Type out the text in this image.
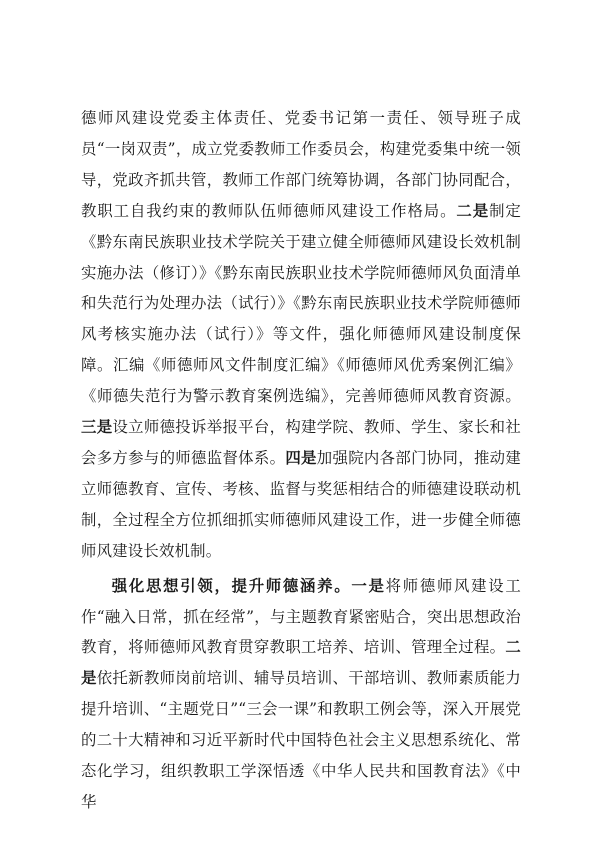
德师风建设党委主体责任、党委书记第一责任、领导班子成员“一岗双责”，成立党委教师工作委员会，构建党委集中统一领导，党政齐抓共管，教师工作部门统筹协调，各部门协同配合，教职工自我约束的教师队伍师德师风建设工作格局。二是制定《黔东南民族职业技术学院关于建立健全师德师风建设长效机制实施办法（修订）》《黔东南民族职业技术学院师德师风负面清单和失范行为处理办法（试行）》《黔东南民族职业技术学院师德师风考核实施办法（试行）》等文件，强化师德师风建设制度保障。汇编《师德师风文件制度汇编》《师德师风优秀案例汇编》《师德失范行为警示教育案例选编》，完善师德师风教育资源。三是设立师德投诉举报平台，构建学院、教师、学生、家长和社会多方参与的师德监督体系。四是加强院内各部门协同，推动建立师德教育、宣传、考核、监督与奖惩相结合的师德建设联动机制，全过程全方位抓细抓实师德师风建设工作，进一步健全师德师风建设长效机制。

强化思想引领，提升师德涵养。一是将师德师风建设工作“融入日常，抓在经常”，与主题教育紧密贴合，突出思想政治教育，将师德师风教育贯穿教职工培养、培训、管理全过程。二是依托新教师岗前培训、辅导员培训、干部培训、教师素质能力提升培训、“主题党日”“三会一课”和教职工例会等，深入开展党的二十大精神和习近平新时代中国特色社会主义思想系统化、常态化学习，组织教职工学深悟透《中华人民共和国教育法》《中华
